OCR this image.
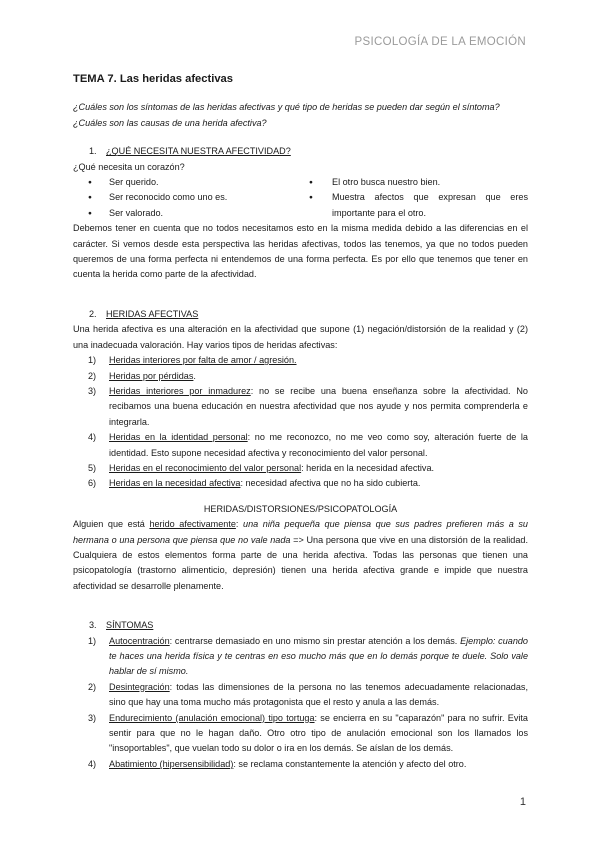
PSICOLOGÍA DE LA EMOCIÓN
TEMA 7. Las heridas afectivas

¿Cuáles son los síntomas de las heridas afectivas y qué tipo de heridas se pueden dar según el síntoma?

¿Cuáles son las causas de una herida afectiva?

1. ¿QUÉ NECESITA NUESTRA AFECTIVIDAD?

¿Qué necesita un corazón?

● Ser querido.
● Ser reconocido como uno es.
● Ser valorado.
● El otro busca nuestro bien.
● Muestra afectos que expresan que eres importante para el otro.

Debemos tener en cuenta que no todos necesitamos esto en la misma medida debido a las diferencias en el carácter. Si vemos desde esta perspectiva las heridas afectivas, todos las tenemos, ya que no todos pueden queremos de una forma perfecta ni entendemos de una forma perfecta. Es por ello que tenemos que tener en cuenta la herida como parte de la afectividad.

2. HERIDAS AFECTIVAS

Una herida afectiva es una alteración en la afectividad que supone (1) negación/distorsión de la realidad y (2) una inadecuada valoración. Hay varios tipos de heridas afectivas:

1) Heridas interiores por falta de amor / agresión.
2) Heridas por pérdidas.
3) Heridas interiores por inmadurez: no se recibe una buena enseñanza sobre la afectividad. No recibamos una buena educación en nuestra afectividad que nos ayude y nos permita comprenderla e integrarla.
4) Heridas en la identidad personal: no me reconozco, no me veo como soy, alteración fuerte de la identidad. Esto supone necesidad afectiva y reconocimiento del valor personal.
5) Heridas en el reconocimiento del valor personal: herida en la necesidad afectiva.
6) Heridas en la necesidad afectiva: necesidad afectiva que no ha sido cubierta.
HERIDAS/DISTORSIONES/PSICOPATOLOGÍA

Alguien que está herido afectivamente: una niña pequeña que piensa que sus padres prefieren más a su hermana o una persona que piensa que no vale nada => Una persona que vive en una distorsión de la realidad. Cualquiera de estos elementos forma parte de una herida afectiva. Todas las personas que tienen una psicopatología (trastorno alimenticio, depresión) tienen una herida afectiva grande e impide que nuestra afectividad se desarrolle plenamente.

3. SÍNTOMAS
1) Autocentración: centrarse demasiado en uno mismo sin prestar atención a los demás. Ejemplo: cuando te haces una herida física y te centras en eso mucho más que en lo demás porque te duele. Solo vale hablar de sí mismo.
2) Desintegración: todas las dimensiones de la persona no las tenemos adecuadamente relacionadas, sino que hay una toma mucho más protagonista que el resto y anula a las demás.
3) Endurecimiento (anulación emocional) tipo tortuga: se encierra en su "caparazón" para no sufrir. Evita sentir para que no le hagan daño. Otro otro tipo de anulación emocional son los llamados los "insoportables", que vuelan todo su dolor o ira en los demás. Se aíslan de los demás.
4) Abatimiento (hipersensibilidad): se reclama constantemente la atención y afecto del otro.
1
